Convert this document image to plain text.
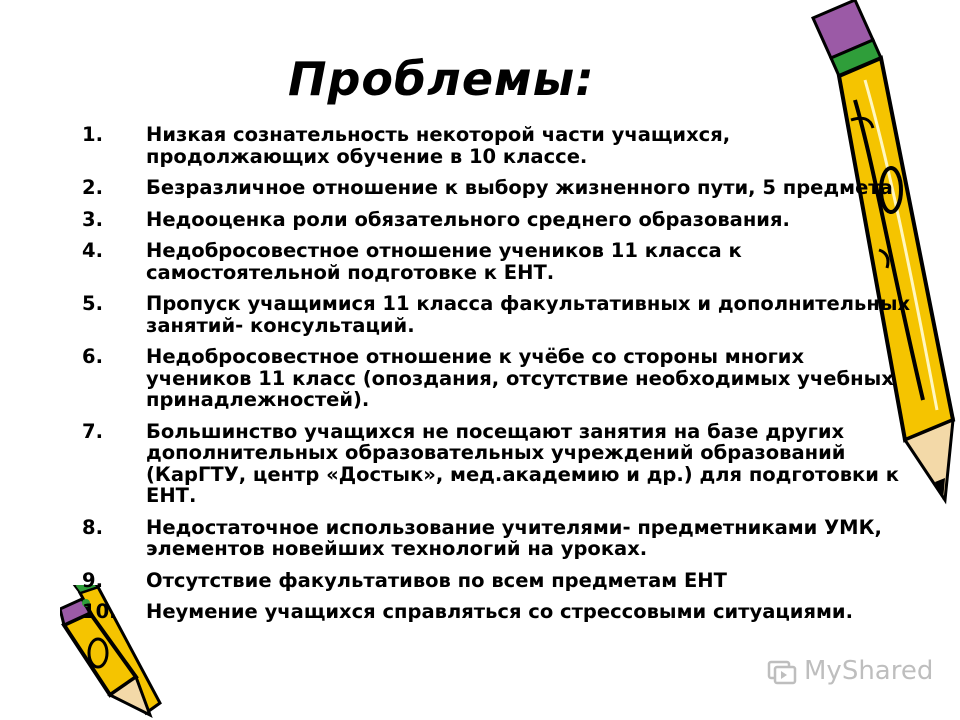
Проблемы:
1. Низкая сознательность некоторой части учащихся, продолжающих обучение в 10 классе.
2. Безразличное отношение к выбору жизненного пути, 5 предмета
3. Недооценка роли обязательного среднего образования.
4. Недобросовестное отношение учеников 11 класса к самостоятельной подготовке к ЕНТ.
5. Пропуск учащимися 11 класса факультативных и дополнительных занятий- консультаций.
6. Недобросовестное отношение к учёбе со стороны многих учеников 11 класс (опоздания, отсутствие необходимых учебных принадлежностей).
7. Большинство учащихся не посещают занятия на базе других дополнительных образовательных учреждений образований (КарГТУ, центр «Достык», мед.академию и др.) для подготовки к ЕНТ.
8. Недостаточное использование учителями- предметниками УМК, элементов новейших технологий на уроках.
9. Отсутствие факультативов по всем предметам ЕНТ
10. Неумение учащихся справляться со стрессовыми ситуациями.
MyShared
